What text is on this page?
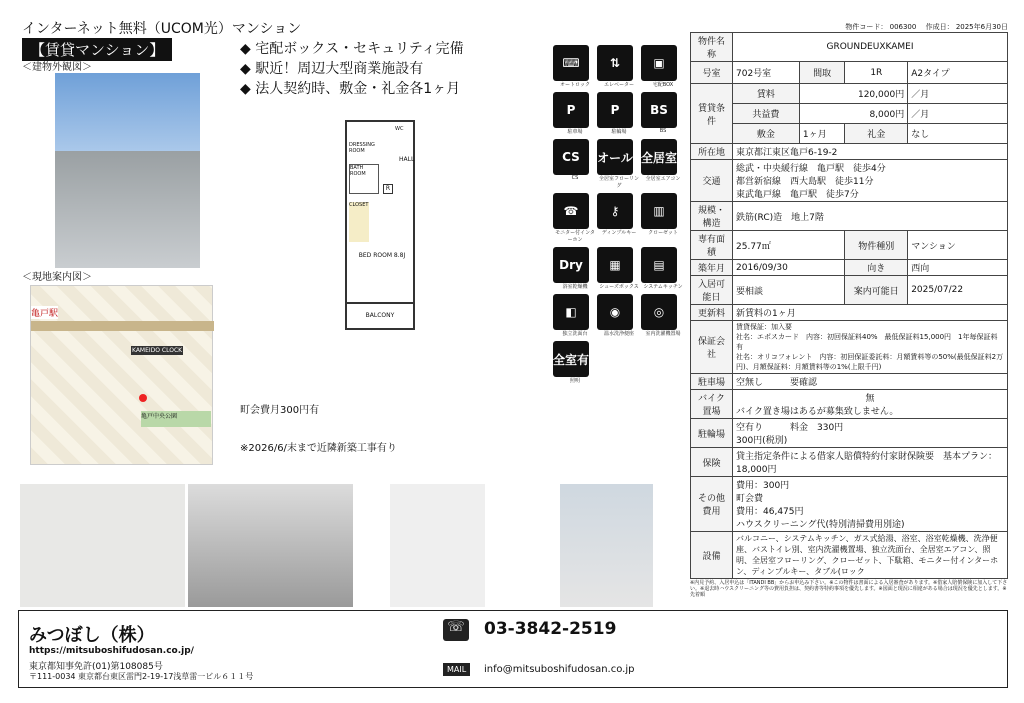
インターネット無料（UCOM光）マンション
【賃貸マンション】	◆ 宅配ボックス・セキュリティ完備
◆ 駅近！周辺大型商業施設有
◆ 法人契約時、敷金・礼金各1ヶ月
＜建物外観図＞
＜現地案内図＞
亀戸駅
KAMEIDO CLOCK
亀戸中央公園
DRESSING ROOM
BATH ROOM
WC
HALL
R
CLOSET
BED ROOM 8.8J
BALCONY
町会費月300円有
※2026/6/末まで近隣新築工事有り
⌨
オートロック
⇅
エレベーター
▣
宅配BOX
P
駐車場
P
駐輪場
BS
BS
CS
CS
オール
全居室フローリング
全居室
全居室エアコン
☎
モニター付インターホン
⚷
ディンプルキー
▥
クローゼット
Dry
浴室乾燥機
▦
シューズボックス
▤
システムキッチン
◧
独立洗面台
◉
温水洗浄便座
◎
室内洗濯機置場
全室有
照明
物件コード： 006300　 作成日： 2025年6月30日
物件名称	GROUNDEUXKAMEI			
号室	702号室	間取	1R	A2タイプ
賃貸条件	賃料	120,000円		／月
	共益費	8,000円		／月
	敷金	1ヶ月	礼金	なし
所在地	東京都江東区亀戸6-19-2			
交通	総武・中央緩行線　亀戸駅　徒歩4分
都営新宿線　西大島駅　徒歩11分
東武亀戸線　亀戸駅　徒歩7分			

規模・構造	鉄筋(RC)造　地上7階			
専有面積	25.77㎡		物件種別	マンション
築年月	2016/09/30		向き	西向
入居可能日	要相談		案内可能日	2025/07/22
更新料	新賃料の1ヶ月			
保証会社	賃貸保証：加入要
社名：エポスカード　内容：初回保証料40%　最低保証料15,000円　1年毎保証料有
社名：オリコフォレント　内容：初回保証委託料：月額賃料等の50%(最低保証料2万円)、月額保証料：月額賃料等の1%(上限千円)			

駐車場	空無し　　　要確認			
バイク置場	無
バイク置き場はあるが募集致しません。			

駐輪場	空有り　　　料金　330円
300円(税別)			

保険	貸主指定条件による借家人賠償特約付家財保険要　基本プラン：18,000円			
その他費用	費用：300円
町会費
費用：46,475円
ハウスクリーニング代(特別清掃費用別途)			

設備	バルコニー、システムキッチン、ガス式給湯、浴室、浴室乾燥機、洗浄便座、バストイレ別、室内洗濯機置場、独立洗面台、全居室エアコン、照明、全居室フローリング、クローゼット、下駄箱、モニター付インターホン、ディンプルキー、タブル(ロック			
※内見予約、入居申込は「ITANDI BB」からお申込み下さい。※この物件は書面による入居審査があります。※借家人賠償保険に加入して下さい。※退去時ハウスクリーニング等の費用負担は、契約書等特約事項を優先します。※図面と現況に相違がある場合は現況を優先とします。※先着順
みつぼし（株）
https://mitsuboshifudosan.co.jp/
東京都知事免許(01)第108085号
〒111-0034 東京都台東区雷門2-19-17浅草雷一ビル６１１号
☏ 03-3842-2519
MAIL	info@mitsuboshifudosan.co.jp
